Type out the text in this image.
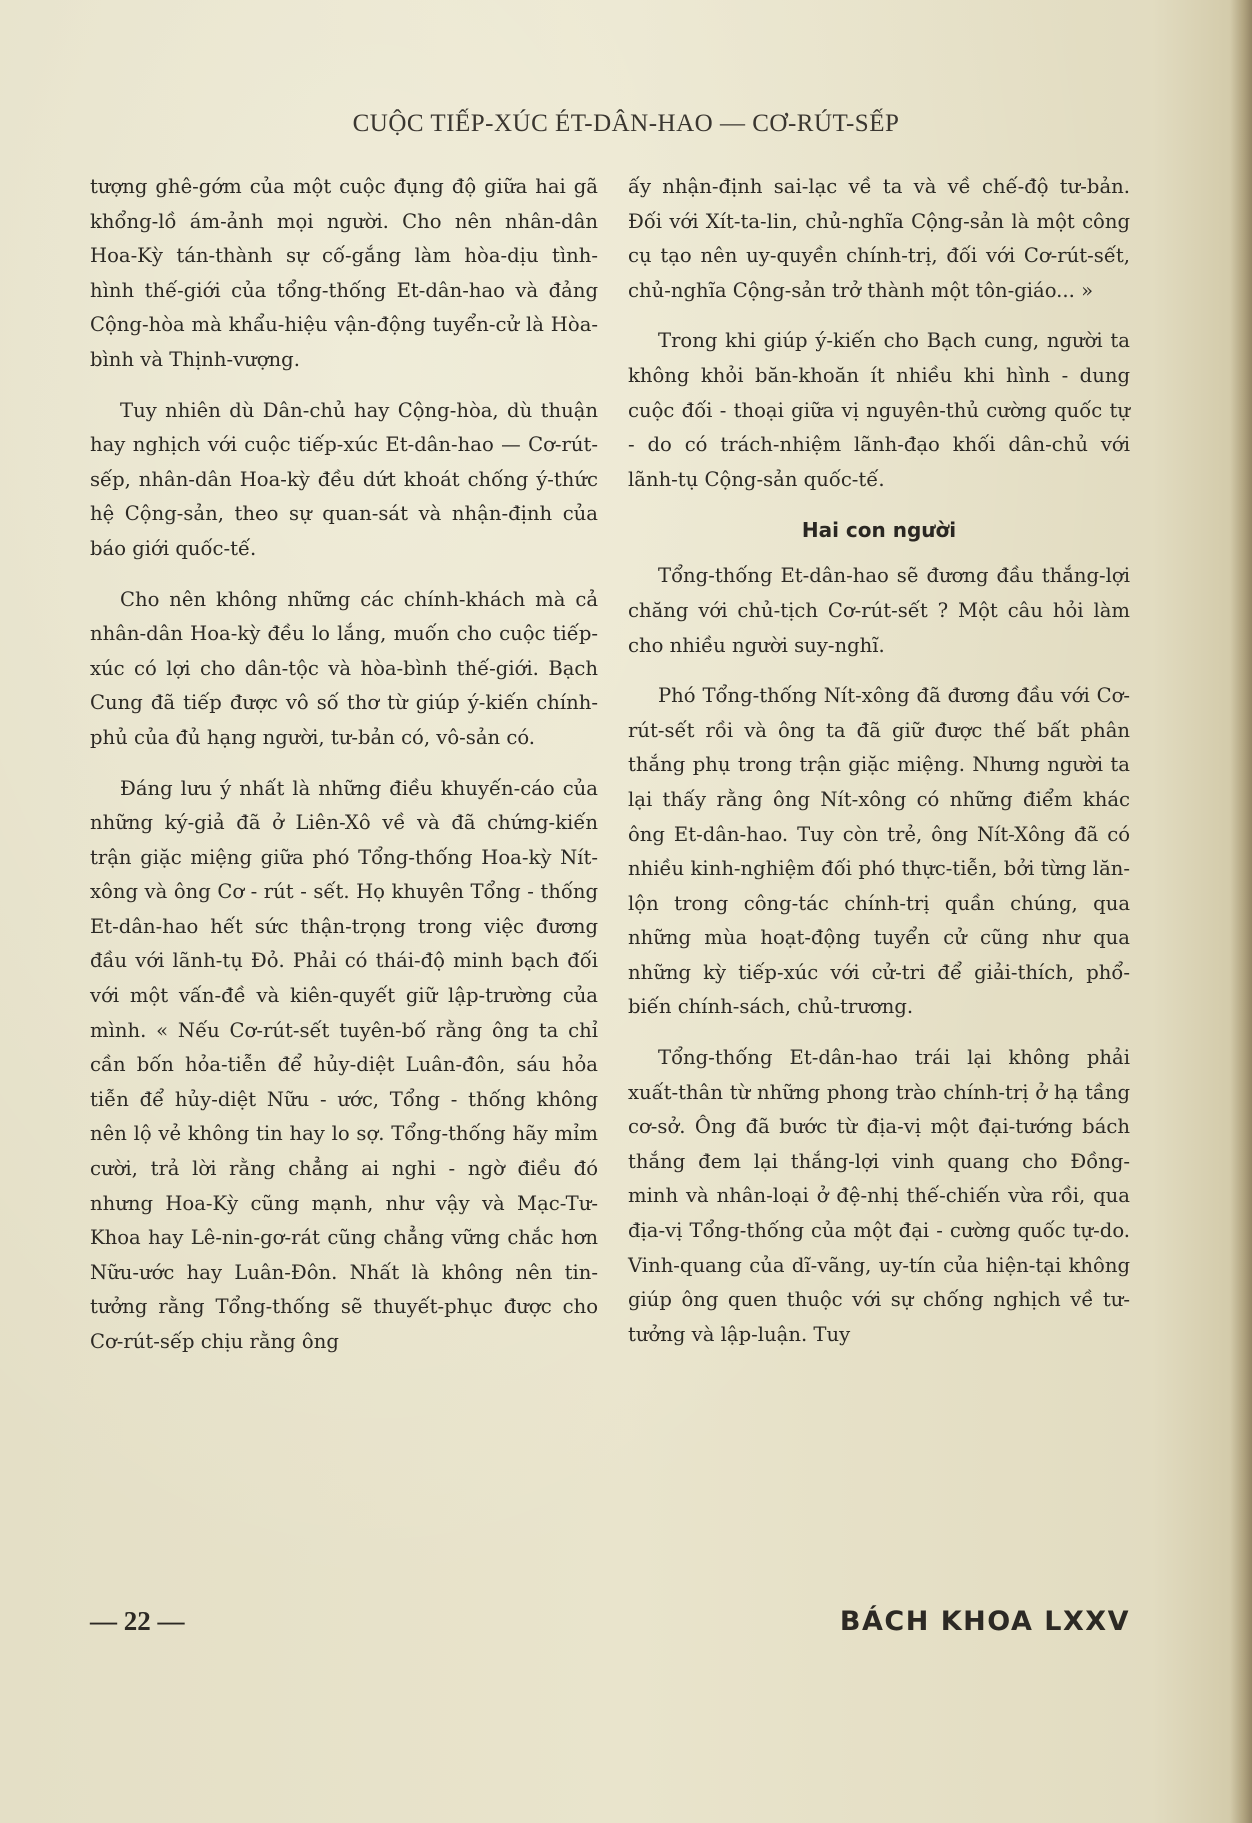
CUỘC TIẾP-XÚC ÉT-DÂN-HAO — CƠ-RÚT-SẾP

tượng ghê-gớm của một cuộc đụng độ giữa hai gã khổng-lồ ám-ảnh mọi người. Cho nên nhân-dân Hoa-Kỳ tán-thành sự cố-gắng làm hòa-dịu tình-hình thế-giới của tổng-thống Et-dân-hao và đảng Cộng-hòa mà khẩu-hiệu vận-động tuyển-cử là Hòa-bình và Thịnh-vượng.

Tuy nhiên dù Dân-chủ hay Cộng-hòa, dù thuận hay nghịch với cuộc tiếp-xúc Et-dân-hao — Cơ-rút-sếp, nhân-dân Hoa-kỳ đều dứt khoát chống ý-thức hệ Cộng-sản, theo sự quan-sát và nhận-định của báo giới quốc-tế.

Cho nên không những các chính-khách mà cả nhân-dân Hoa-kỳ đều lo lắng, muốn cho cuộc tiếp-xúc có lợi cho dân-tộc và hòa-bình thế-giới. Bạch Cung đã tiếp được vô số thơ từ giúp ý-kiến chính-phủ của đủ hạng người, tư-bản có, vô-sản có.

Đáng lưu ý nhất là những điều khuyến-cáo của những ký-giả đã ở Liên-Xô về và đã chứng-kiến trận giặc miệng giữa phó Tổng-thống Hoa-kỳ Nít-xông và ông Cơ - rút - sết. Họ khuyên Tổng - thống Et-dân-hao hết sức thận-trọng trong việc đương đầu với lãnh-tụ Đỏ. Phải có thái-độ minh bạch đối với một vấn-đề và kiên-quyết giữ lập-trường của mình. « Nếu Cơ-rút-sết tuyên-bố rằng ông ta chỉ cần bốn hỏa-tiễn để hủy-diệt Luân-đôn, sáu hỏa tiễn để hủy-diệt Nữu - ước, Tổng - thống không nên lộ vẻ không tin hay lo sợ. Tổng-thống hãy mỉm cười, trả lời rằng chẳng ai nghi - ngờ điều đó nhưng Hoa-Kỳ cũng mạnh, như vậy và Mạc-Tư-Khoa hay Lê-nin-gơ-rát cũng chẳng vững chắc hơn Nữu-ước hay Luân-Đôn. Nhất là không nên tin-tưởng rằng Tổng-thống sẽ thuyết-phục được cho Cơ-rút-sếp chịu rằng ông

ấy nhận-định sai-lạc về ta và về chế-độ tư-bản. Đối với Xít-ta-lin, chủ-nghĩa Cộng-sản là một công cụ tạo nên uy-quyền chính-trị, đối với Cơ-rút-sết, chủ-nghĩa Cộng-sản trở thành một tôn-giáo... »

Trong khi giúp ý-kiến cho Bạch cung, người ta không khỏi băn-khoăn ít nhiều khi hình - dung cuộc đối - thoại giữa vị nguyên-thủ cường quốc tự - do có trách-nhiệm lãnh-đạo khối dân-chủ với lãnh-tụ Cộng-sản quốc-tế.

Hai con người

Tổng-thống Et-dân-hao sẽ đương đầu thắng-lợi chăng với chủ-tịch Cơ-rút-sết ? Một câu hỏi làm cho nhiều người suy-nghĩ.

Phó Tổng-thống Nít-xông đã đương đầu với Cơ-rút-sết rồi và ông ta đã giữ được thế bất phân thắng phụ trong trận giặc miệng. Nhưng người ta lại thấy rằng ông Nít-xông có những điểm khác ông Et-dân-hao. Tuy còn trẻ, ông Nít-Xông đã có nhiều kinh-nghiệm đối phó thực-tiễn, bởi từng lăn-lộn trong công-tác chính-trị quần chúng, qua những mùa hoạt-động tuyển cử cũng như qua những kỳ tiếp-xúc với cử-tri để giải-thích, phổ-biến chính-sách, chủ-trương.

Tổng-thống Et-dân-hao trái lại không phải xuất-thân từ những phong trào chính-trị ở hạ tầng cơ-sở. Ông đã bước từ địa-vị một đại-tướng bách thắng đem lại thắng-lợi vinh quang cho Đồng-minh và nhân-loại ở đệ-nhị thế-chiến vừa rồi, qua địa-vị Tổng-thống của một đại - cường quốc tự-do. Vinh-quang của dĩ-vãng, uy-tín của hiện-tại không giúp ông quen thuộc với sự chống nghịch về tư-tưởng và lập-luận. Tuy

— 22 —	BÁCH KHOA LXXV
